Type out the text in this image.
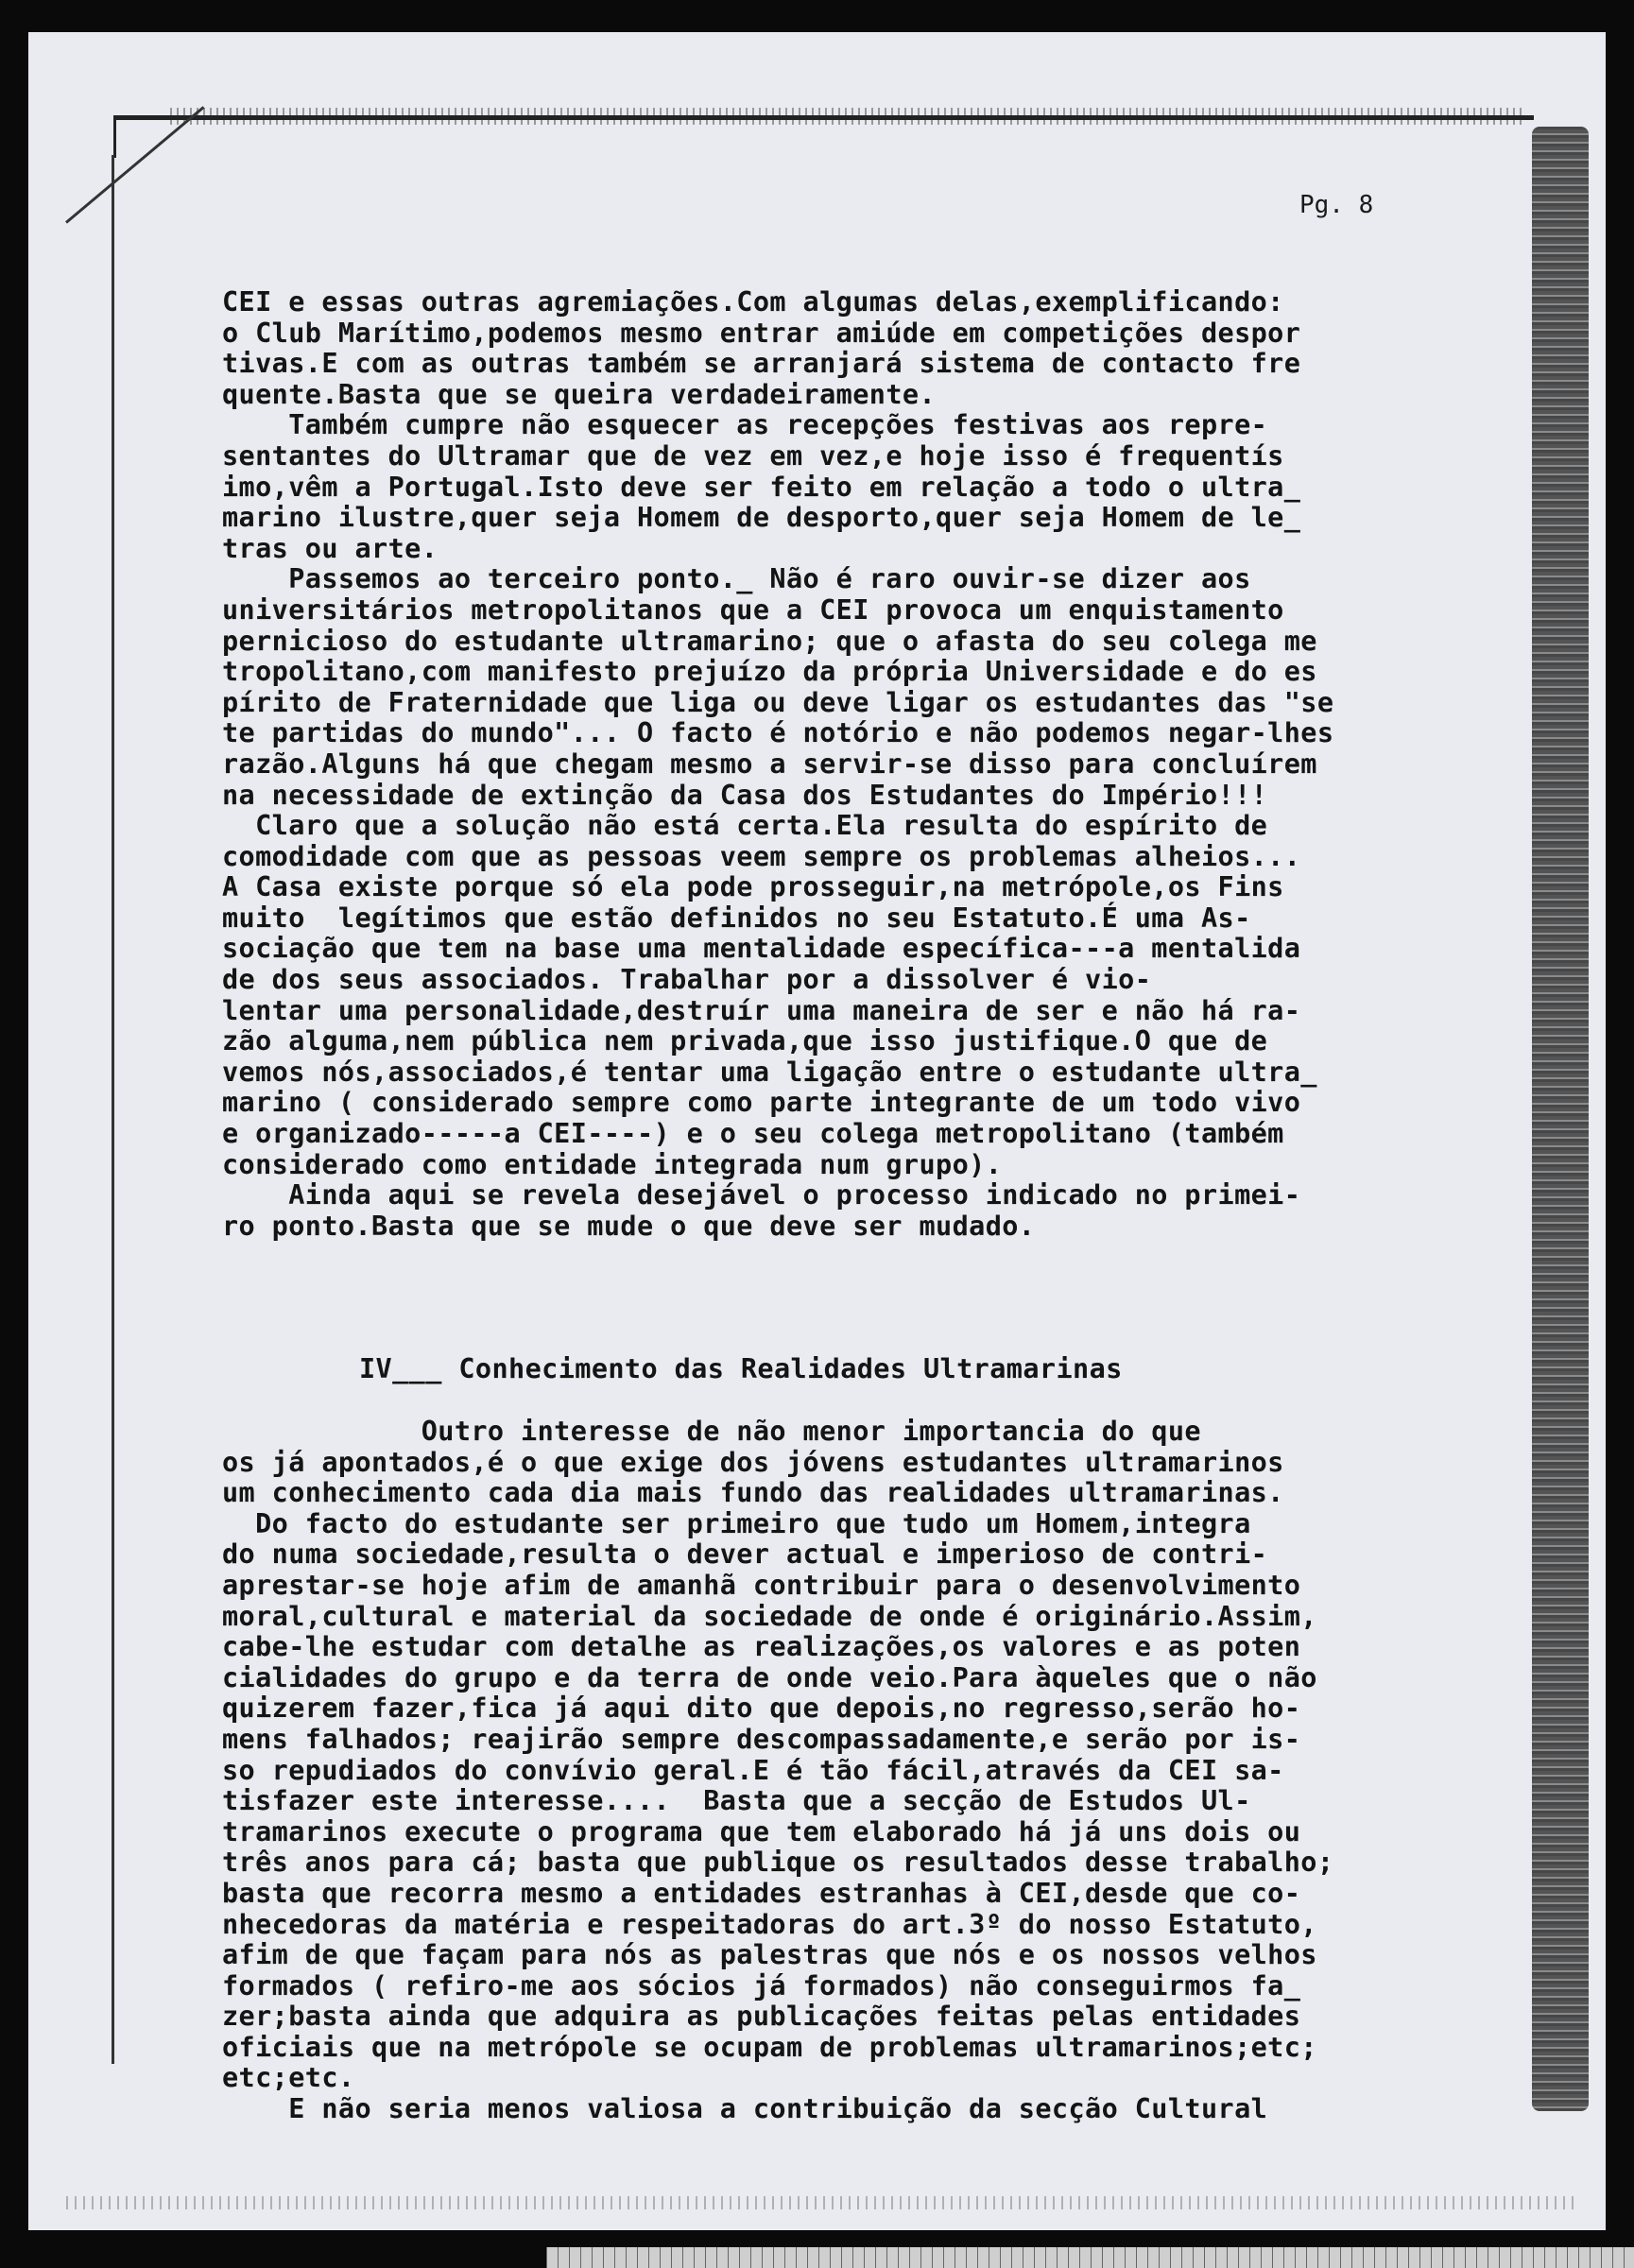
Pg. 8

CEI e essas outras agremiações.Com algumas delas,exemplificando:

o Club Marítimo,podemos mesmo entrar amiúde em competições despor

tivas.E com as outras também se arranjará sistema de contacto fre

quente.Basta que se queira verdadeiramente.

Também cumpre não esquecer as recepções festivas aos repre-

sentantes do Ultramar que de vez em vez,e hoje isso é frequentís

imo,vêm a Portugal.Isto deve ser feito em relação a todo o ultra_

marino ilustre,quer seja Homem de desporto,quer seja Homem de le_

tras ou arte.

Passemos ao terceiro ponto._ Não é raro ouvir-se dizer aos

universitários metropolitanos que a CEI provoca um enquistamento

pernicioso do estudante ultramarino; que o afasta do seu colega me

tropolitano,com manifesto prejuízo da própria Universidade e do es

pírito de Fraternidade que liga ou deve ligar os estudantes das "se

te partidas do mundo"... O facto é notório e não podemos negar-lhes

razão.Alguns há que chegam mesmo a servir-se disso para concluírem

na necessidade de extinção da Casa dos Estudantes do Império!!!

Claro que a solução não está certa.Ela resulta do espírito de

comodidade com que as pessoas veem sempre os problemas alheios...

A Casa existe porque só ela pode prosseguir,na metrópole,os Fins

muito  legítimos que estão definidos no seu Estatuto.É uma As-

sociação que tem na base uma mentalidade específica---a mentalida

de dos seus associados. Trabalhar por a dissolver é vio-

lentar uma personalidade,destruír uma maneira de ser e não há ra-

zão alguma,nem pública nem privada,que isso justifique.O que de

vemos nós,associados,é tentar uma ligação entre o estudante ultra_

marino ( considerado sempre como parte integrante de um todo vivo

e organizado-----a CEI----) e o seu colega metropolitano (também

considerado como entidade integrada num grupo).

Ainda aqui se revela desejável o processo indicado no primei-

ro ponto.Basta que se mude o que deve ser mudado.

IV___ Conhecimento das Realidades Ultramarinas

Outro interesse de não menor importancia do que

os já apontados,é o que exige dos jóvens estudantes ultramarinos

um conhecimento cada dia mais fundo das realidades ultramarinas.

Do facto do estudante ser primeiro que tudo um Homem,integra

do numa sociedade,resulta o dever actual e imperioso de contri-

aprestar-se hoje afim de amanhã contribuir para o desenvolvimento

moral,cultural e material da sociedade de onde é originário.Assim,

cabe-lhe estudar com detalhe as realizações,os valores e as poten

cialidades do grupo e da terra de onde veio.Para àqueles que o não

quizerem fazer,fica já aqui dito que depois,no regresso,serão ho-

mens falhados; reajirão sempre descompassadamente,e serão por is-

so repudiados do convívio geral.E é tão fácil,através da CEI sa-

tisfazer este interesse....  Basta que a secção de Estudos Ul-

tramarinos execute o programa que tem elaborado há já uns dois ou

três anos para cá; basta que publique os resultados desse trabalho;

basta que recorra mesmo a entidades estranhas à CEI,desde que co-

nhecedoras da matéria e respeitadoras do art.3º do nosso Estatuto,

afim de que façam para nós as palestras que nós e os nossos velhos

formados ( refiro-me aos sócios já formados) não conseguirmos fa_

zer;basta ainda que adquira as publicações feitas pelas entidades

oficiais que na metrópole se ocupam de problemas ultramarinos;etc;

etc;etc.

E não seria menos valiosa a contribuição da secção Cultural
